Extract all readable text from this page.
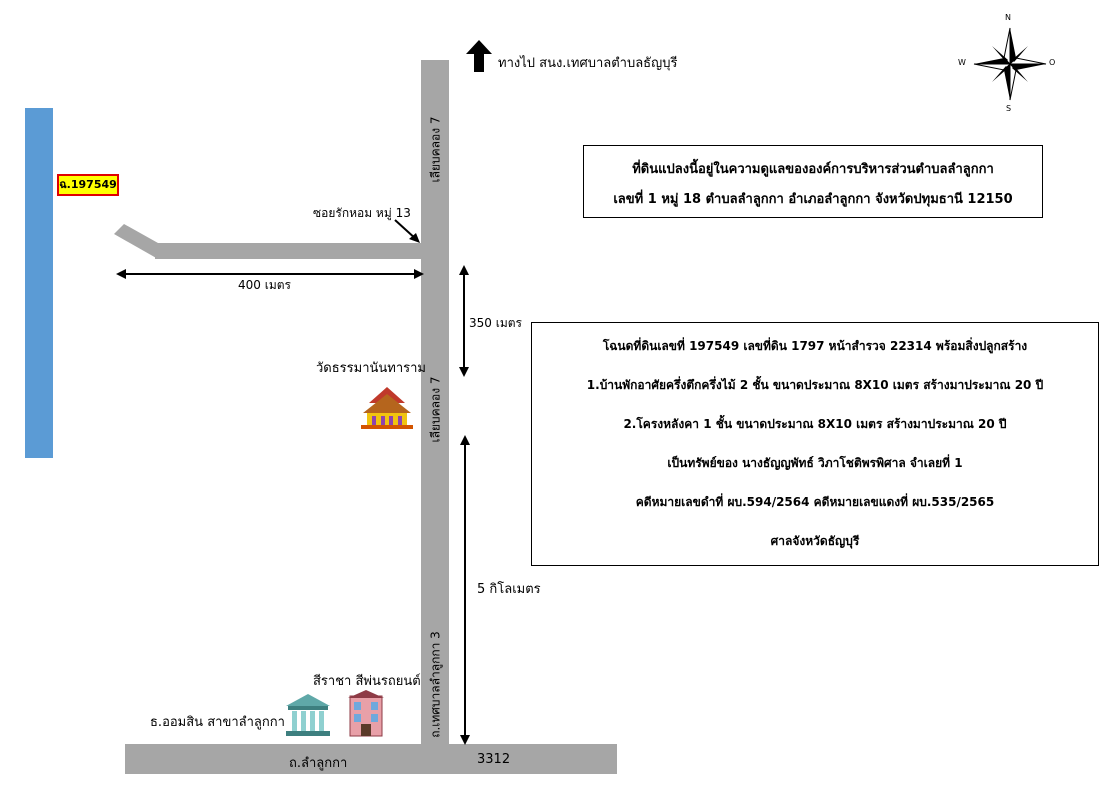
ฉ.197549
ทางไป สนง.เทศบาลตำบลธัญบุรี
N
S
W	O
เลียบคลอง 7
เลียบคลอง 7
ถ.เทศบาลลำลูกกา 3
ซอยรักหอม หมู่ 13
400 เมตร
350 เมตร
5 กิโลเมตร
วัดธรรมานันทาราม
สีราชา สีพ่นรถยนต์
ธ.ออมสิน สาขาลำลูกกา
ถ.ลำลูกกา	3312
ที่ดินแปลงนี้อยู่ในความดูแลขององค์การบริหารส่วนตำบลลำลูกกา
เลขที่ 1 หมู่ 18 ตำบลลำลูกกา อำเภอลำลูกกา จังหวัดปทุมธานี 12150
โฉนดที่ดินเลขที่ 197549 เลขที่ดิน 1797 หน้าสำรวจ 22314 พร้อมสิ่งปลูกสร้าง
1.บ้านพักอาศัยครึ่งตึกครึ่งไม้ 2 ชั้น ขนาดประมาณ 8X10 เมตร สร้างมาประมาณ 20 ปี
2.โครงหลังคา 1 ชั้น ขนาดประมาณ 8X10 เมตร สร้างมาประมาณ 20 ปี
เป็นทรัพย์ของ นางธัญญพัทธ์ วิภาโชติพรพิศาล จำเลยที่ 1
คดีหมายเลขดำที่ ผบ.594/2564 คดีหมายเลขแดงที่ ผบ.535/2565
ศาลจังหวัดธัญบุรี
